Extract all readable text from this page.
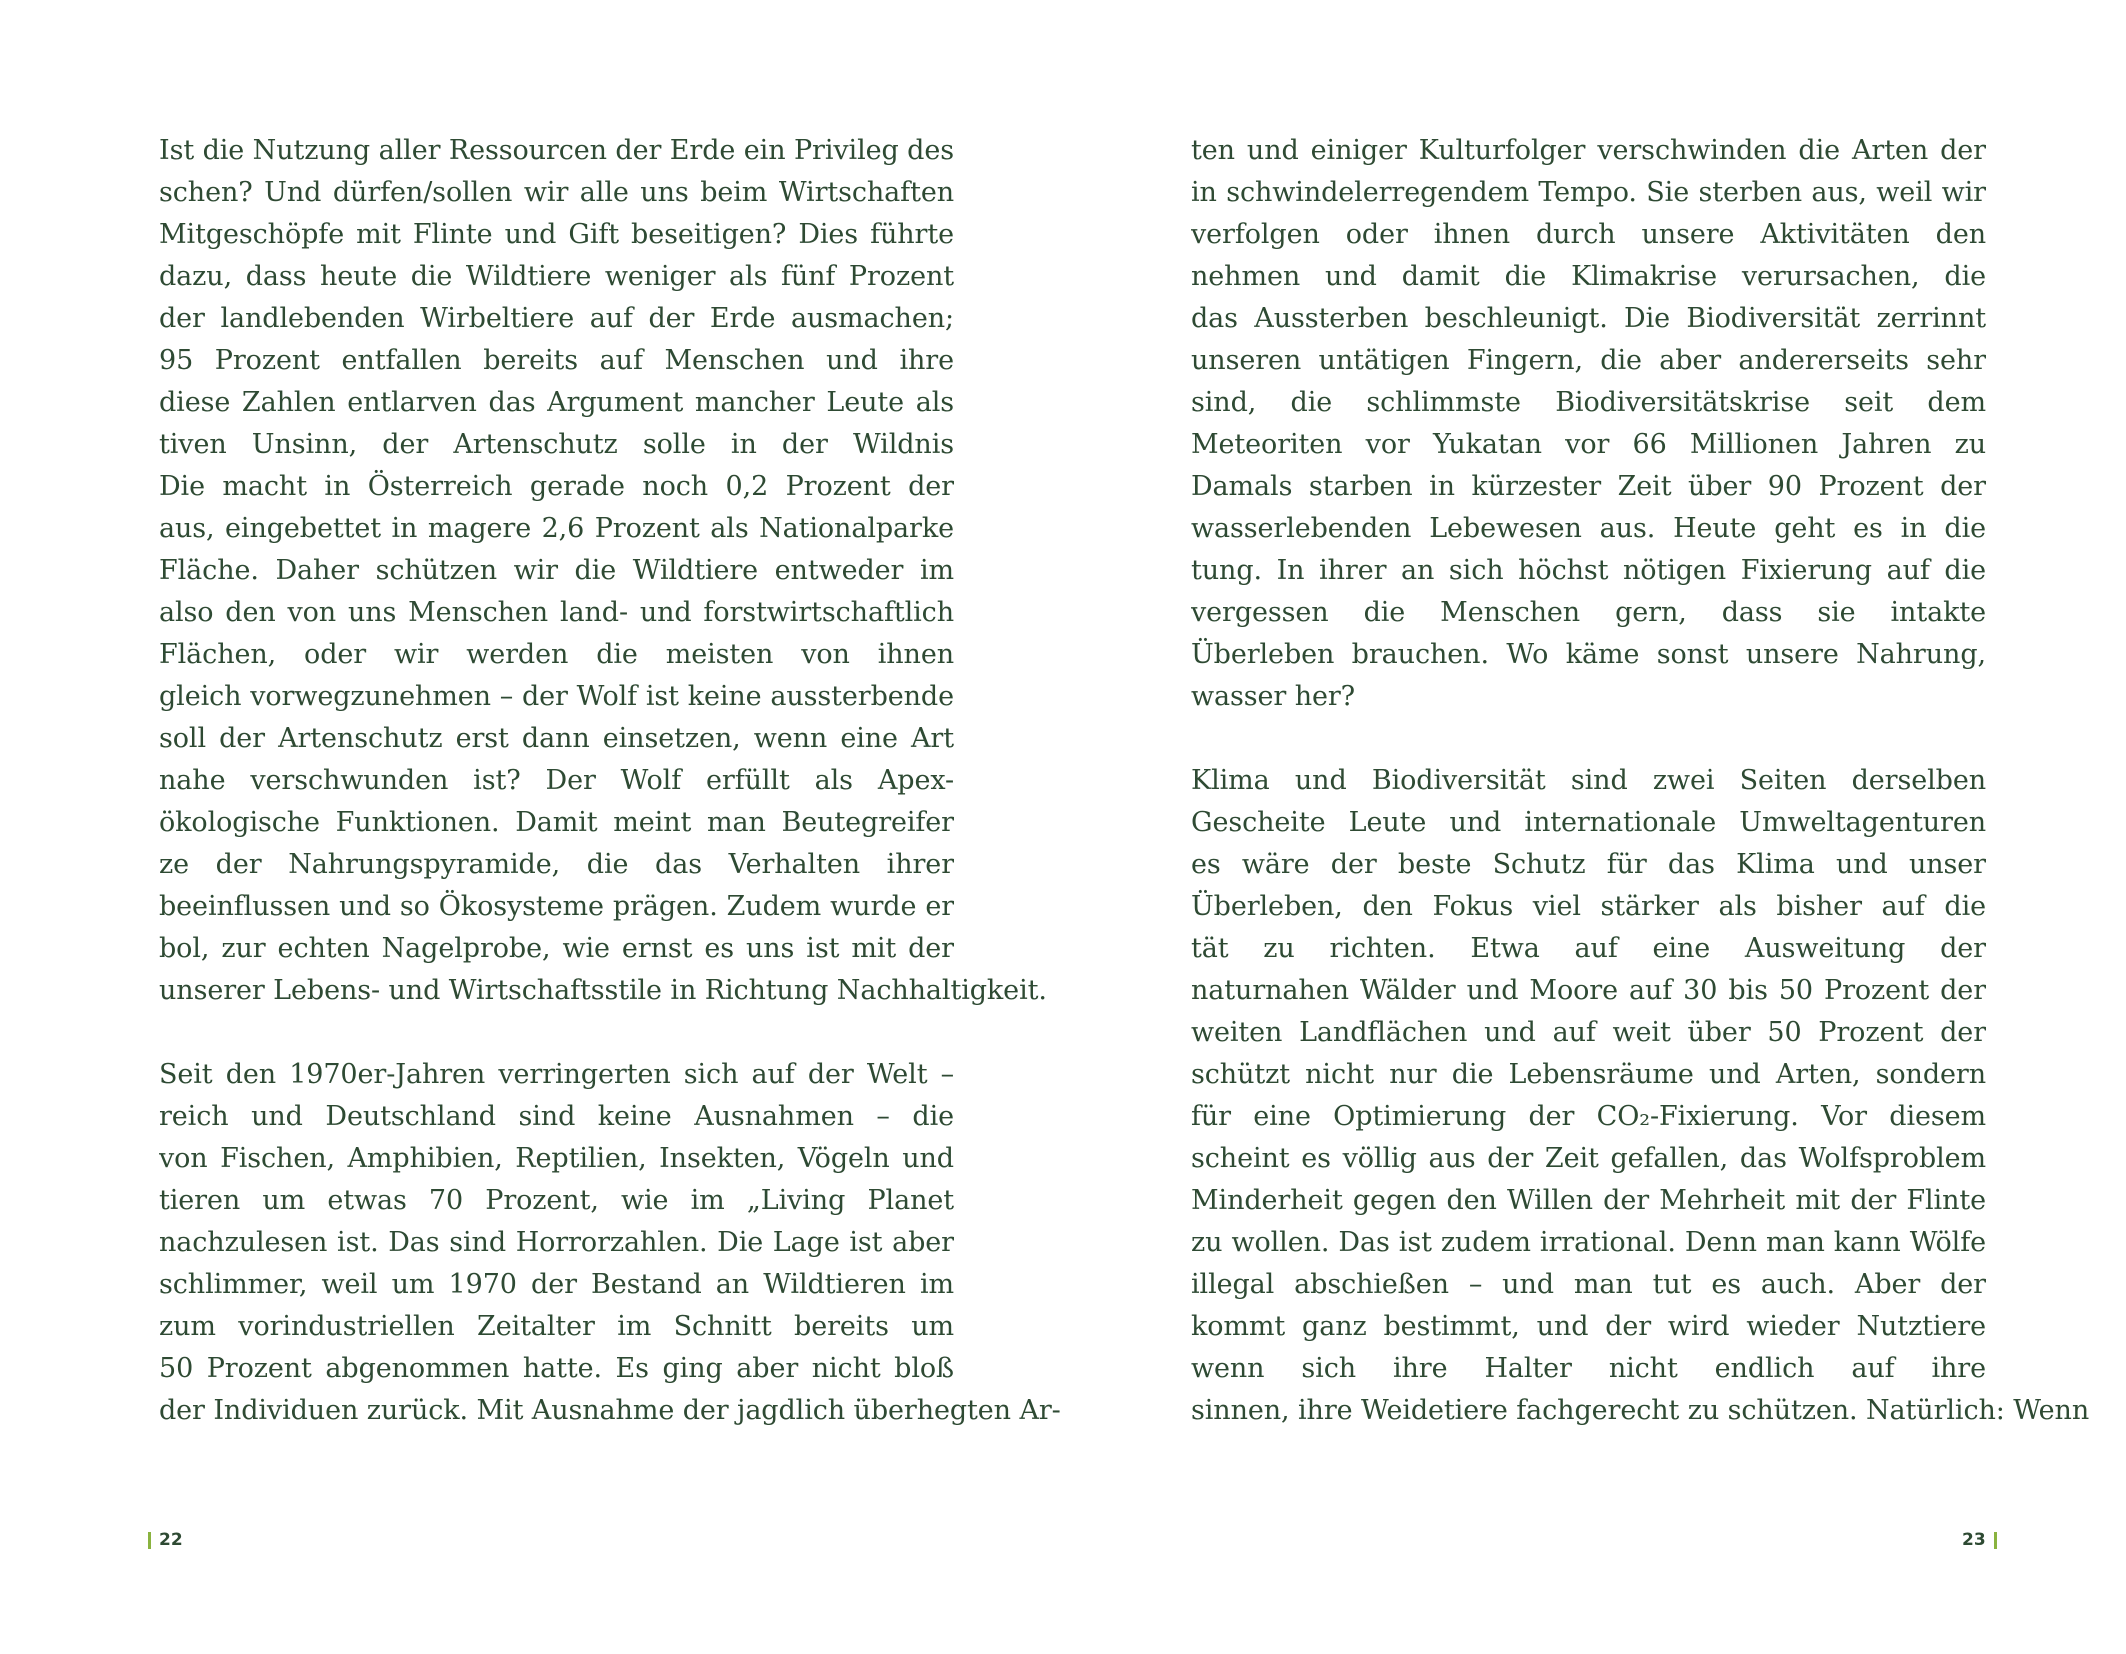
Ist die Nutzung aller Ressourcen der Erde ein Privileg des
schen? Und dürfen/sollen wir alle uns beim Wirtschaften
Mitgeschöpfe mit Flinte und Gift beseitigen? Dies führte
dazu, dass heute die Wildtiere weniger als fünf Prozent
der landlebenden Wirbeltiere auf der Erde ausmachen;
95 Prozent entfallen bereits auf Menschen und ihre
diese Zahlen entlarven das Argument mancher Leute als
tiven Unsinn, der Artenschutz solle in der Wildnis
Die macht in Österreich gerade noch 0,2 Prozent der
aus, eingebettet in magere 2,6 Prozent als Nationalparke
Fläche. Daher schützen wir die Wildtiere entweder im
also den von uns Menschen land- und forstwirtschaftlich
Flächen, oder wir werden die meisten von ihnen
gleich vorwegzunehmen – der Wolf ist keine aussterbende
soll der Artenschutz erst dann einsetzen, wenn eine Art
nahe verschwunden ist? Der Wolf erfüllt als Apex-
ökologische Funktionen. Damit meint man Beutegreifer
ze der Nahrungspyramide, die das Verhalten ihrer
beeinflussen und so Ökosysteme prägen. Zudem wurde er
bol, zur echten Nagelprobe, wie ernst es uns ist mit der
unserer Lebens- und Wirtschaftsstile in Richtung Nachhaltigkeit.
Seit den 1970er-Jahren verringerten sich auf der Welt –
reich und Deutschland sind keine Ausnahmen – die
von Fischen, Amphibien, Reptilien, Insekten, Vögeln und
tieren um etwas 70 Prozent, wie im „Living Planet
nachzulesen ist. Das sind Horrorzahlen. Die Lage ist aber
schlimmer, weil um 1970 der Bestand an Wildtieren im
zum vorindustriellen Zeitalter im Schnitt bereits um
50 Prozent abgenommen hatte. Es ging aber nicht bloß
der Individuen zurück. Mit Ausnahme der jagdlich überhegten Ar-
ten und einiger Kulturfolger verschwinden die Arten der
in schwindelerregendem Tempo. Sie sterben aus, weil wir
verfolgen oder ihnen durch unsere Aktivitäten den
nehmen und damit die Klimakrise verursachen, die
das Aussterben beschleunigt. Die Biodiversität zerrinnt
unseren untätigen Fingern, die aber andererseits sehr
sind, die schlimmste Biodiversitätskrise seit dem
Meteoriten vor Yukatan vor 66 Millionen Jahren zu
Damals starben in kürzester Zeit über 90 Prozent der
wasserlebenden Lebewesen aus. Heute geht es in die
tung. In ihrer an sich höchst nötigen Fixierung auf die
vergessen die Menschen gern, dass sie intakte
Überleben brauchen. Wo käme sonst unsere Nahrung,
wasser her?
Klima und Biodiversität sind zwei Seiten derselben
Gescheite Leute und internationale Umweltagenturen
es wäre der beste Schutz für das Klima und unser
Überleben, den Fokus viel stärker als bisher auf die
tät zu richten. Etwa auf eine Ausweitung der
naturnahen Wälder und Moore auf 30 bis 50 Prozent der
weiten Landflächen und auf weit über 50 Prozent der
schützt nicht nur die Lebensräume und Arten, sondern
für eine Optimierung der CO₂-Fixierung. Vor diesem
scheint es völlig aus der Zeit gefallen, das Wolfsproblem
Minderheit gegen den Willen der Mehrheit mit der Flinte
zu wollen. Das ist zudem irrational. Denn man kann Wölfe
illegal abschießen – und man tut es auch. Aber der
kommt ganz bestimmt, und der wird wieder Nutztiere
wenn sich ihre Halter nicht endlich auf ihre
sinnen, ihre Weidetiere fachgerecht zu schützen. Natürlich: Wenn
22	23
